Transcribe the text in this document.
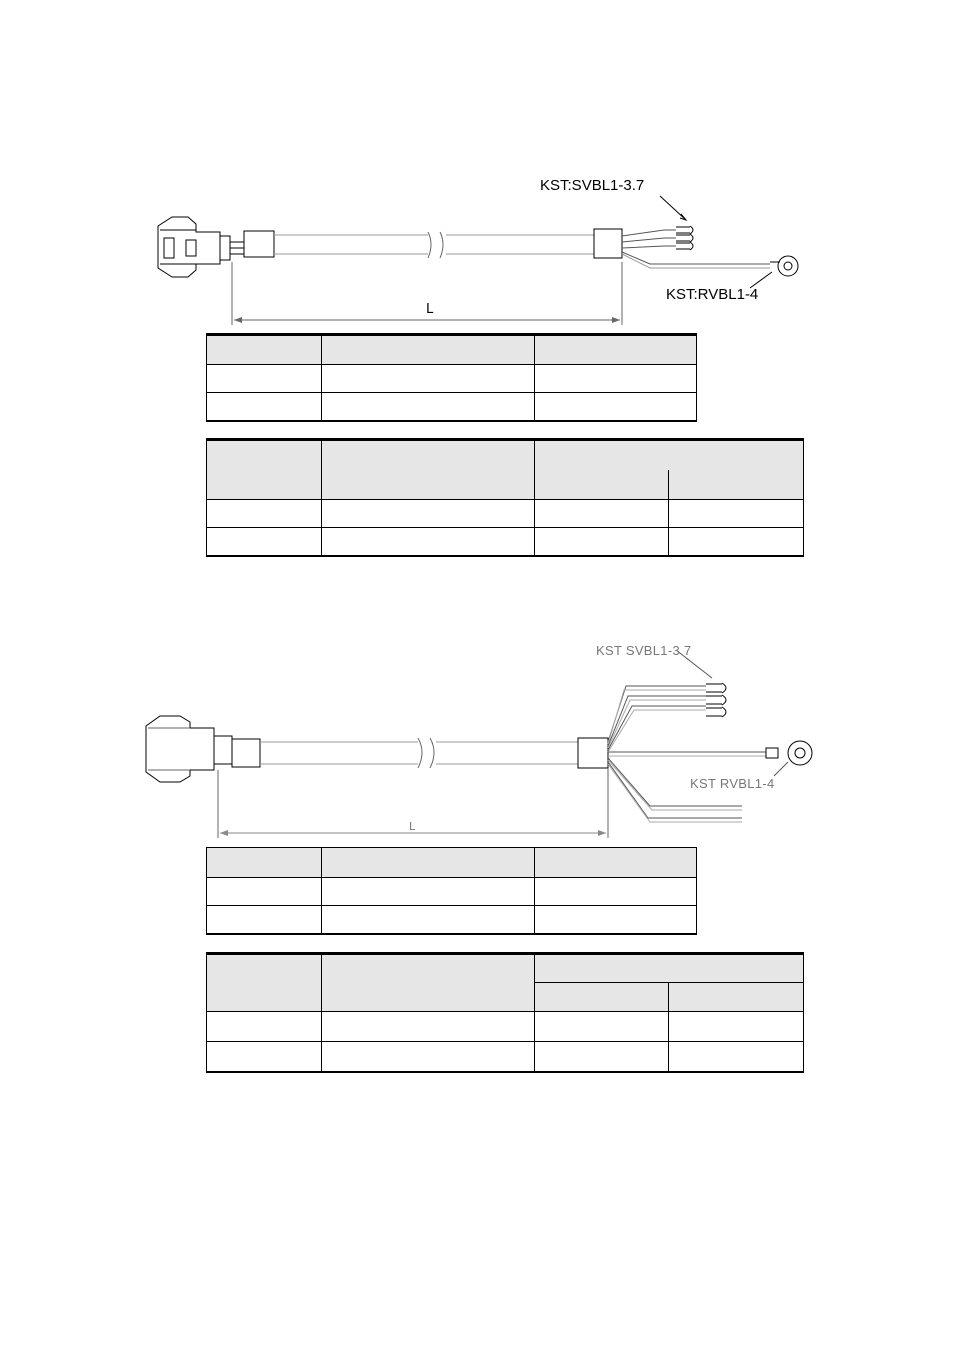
KST:SVBL1-3.7
KST:RVBL1-4
L

KST SVBL1-3.7
KST RVBL1-4
L
